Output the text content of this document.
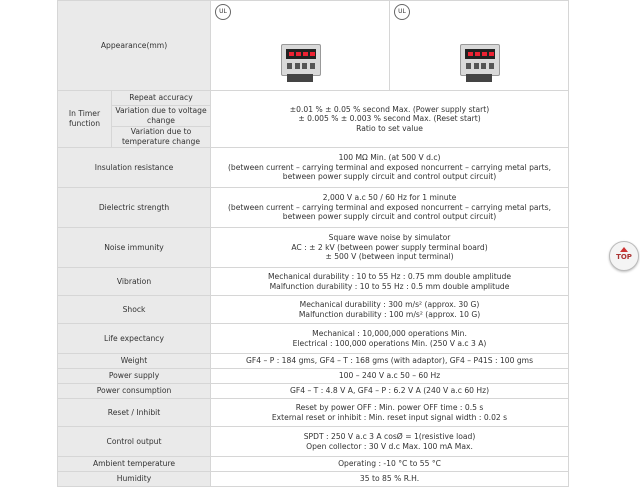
Appearance(mm)		UL	UL

In Timer function	Repeat accuracy	±0.01 % ± 0.05 % second Max. (Power supply start)
± 0.005 % ± 0.003 % second Max. (Reset start)
Ratio to set value	

	Variation due to voltage change		
	Variation due to temperature change		
Insulation resistance		100 MΩ Min. (at 500 V d.c)
(between current – carrying terminal and exposed noncurrent – carrying metal parts,
between power supply circuit and control output circuit)	

Dielectric strength		2,000 V a.c 50 / 60 Hz for 1 minute
(between current – carrying terminal and exposed noncurrent – carrying metal parts,
between power supply circuit and control output circuit)	

Noise immunity		Square wave noise by simulator
AC : ± 2 kV (between power supply terminal board)
± 500 V (between input terminal)	

Vibration		Mechanical durability : 10 to 55 Hz : 0.75 mm double amplitude
Malfunction durability : 10 to 55 Hz : 0.5 mm double amplitude	

Shock		Mechanical durability : 300 m/s² (approx. 30 G)
Malfunction durability : 100 m/s² (approx. 10 G)	

Life expectancy		Mechanical : 10,000,000 operations Min.
Electrical : 100,000 operations Min. (250 V a.c 3 A)	

Weight		GF4 – P : 184 gms, GF4 – T : 168 gms (with adaptor), GF4 – P41S : 100 gms	

Power supply		100 – 240 V a.c 50 – 60 Hz	

Power consumption		GF4 – T : 4.8 V A, GF4 – P : 6.2 V A (240 V a.c 60 Hz)	

Reset / Inhibit		Reset by power OFF : Min. power OFF time : 0.5 s
External reset or inhibit : Min. reset input signal width : 0.02 s	

Control output		SPDT : 250 V a.c 3 A cosØ = 1(resistive load)
Open collector : 30 V d.c Max. 100 mA Max.	

Ambient temperature		Operating : -10 °C to 55 °C	

Humidity		35 to 85 % R.H.	
TOP
